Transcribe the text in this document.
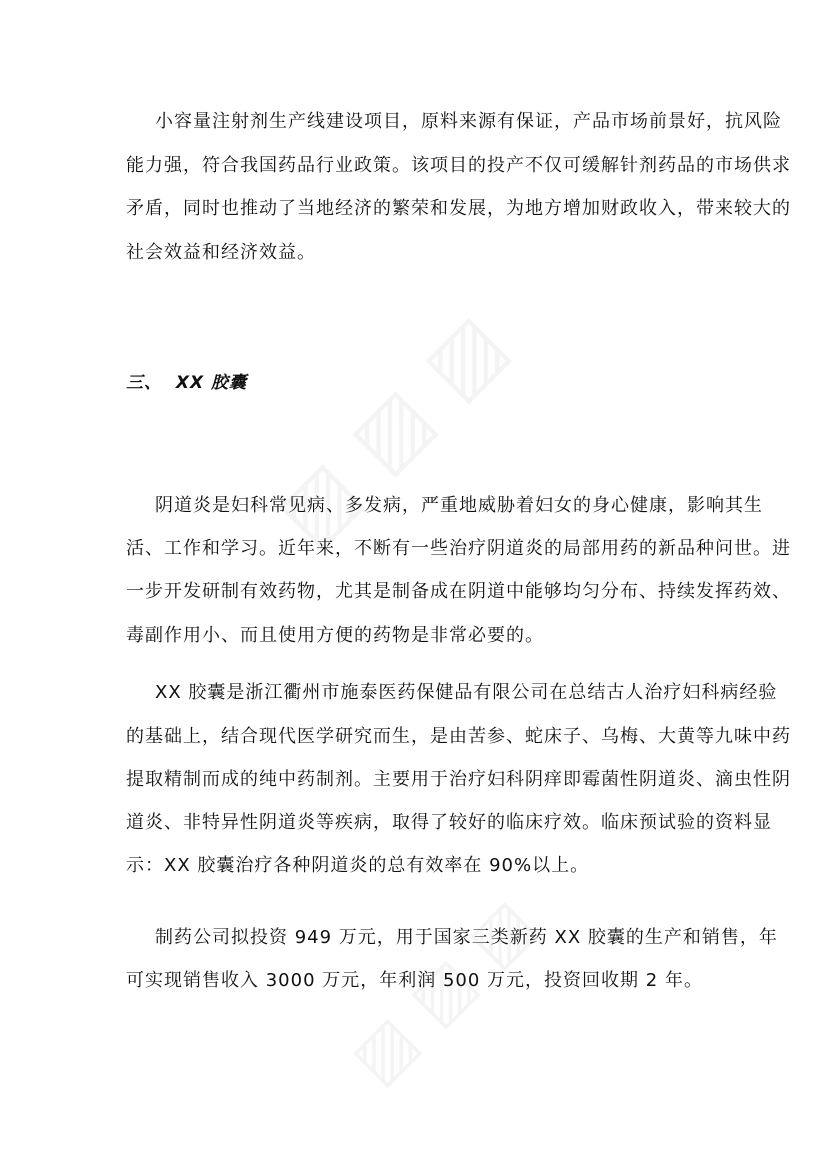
小容量注射剂生产线建设项目，原料来源有保证，产品市场前景好，抗风险
能力强，符合我国药品行业政策。该项目的投产不仅可缓解针剂药品的市场供求
矛盾，同时也推动了当地经济的繁荣和发展，为地方增加财政收入，带来较大的
社会效益和经济效益。
三、  XX 胶囊
阴道炎是妇科常见病、多发病，严重地威胁着妇女的身心健康，影响其生
活、工作和学习。近年来，不断有一些治疗阴道炎的局部用药的新品种问世。进
一步开发研制有效药物，尤其是制备成在阴道中能够均匀分布、持续发挥药效、
毒副作用小、而且使用方便的药物是非常必要的。
XX 胶囊是浙江衢州市施泰医药保健品有限公司在总结古人治疗妇科病经验
的基础上，结合现代医学研究而生，是由苦参、蛇床子、乌梅、大黄等九味中药
提取精制而成的纯中药制剂。主要用于治疗妇科阴痒即霉菌性阴道炎、滴虫性阴
道炎、非特异性阴道炎等疾病，取得了较好的临床疗效。临床预试验的资料显
示：XX 胶囊治疗各种阴道炎的总有效率在 90%以上。
制药公司拟投资 949 万元，用于国家三类新药 XX 胶囊的生产和销售，年
可实现销售收入 3000 万元，年利润 500 万元，投资回收期 2 年。
